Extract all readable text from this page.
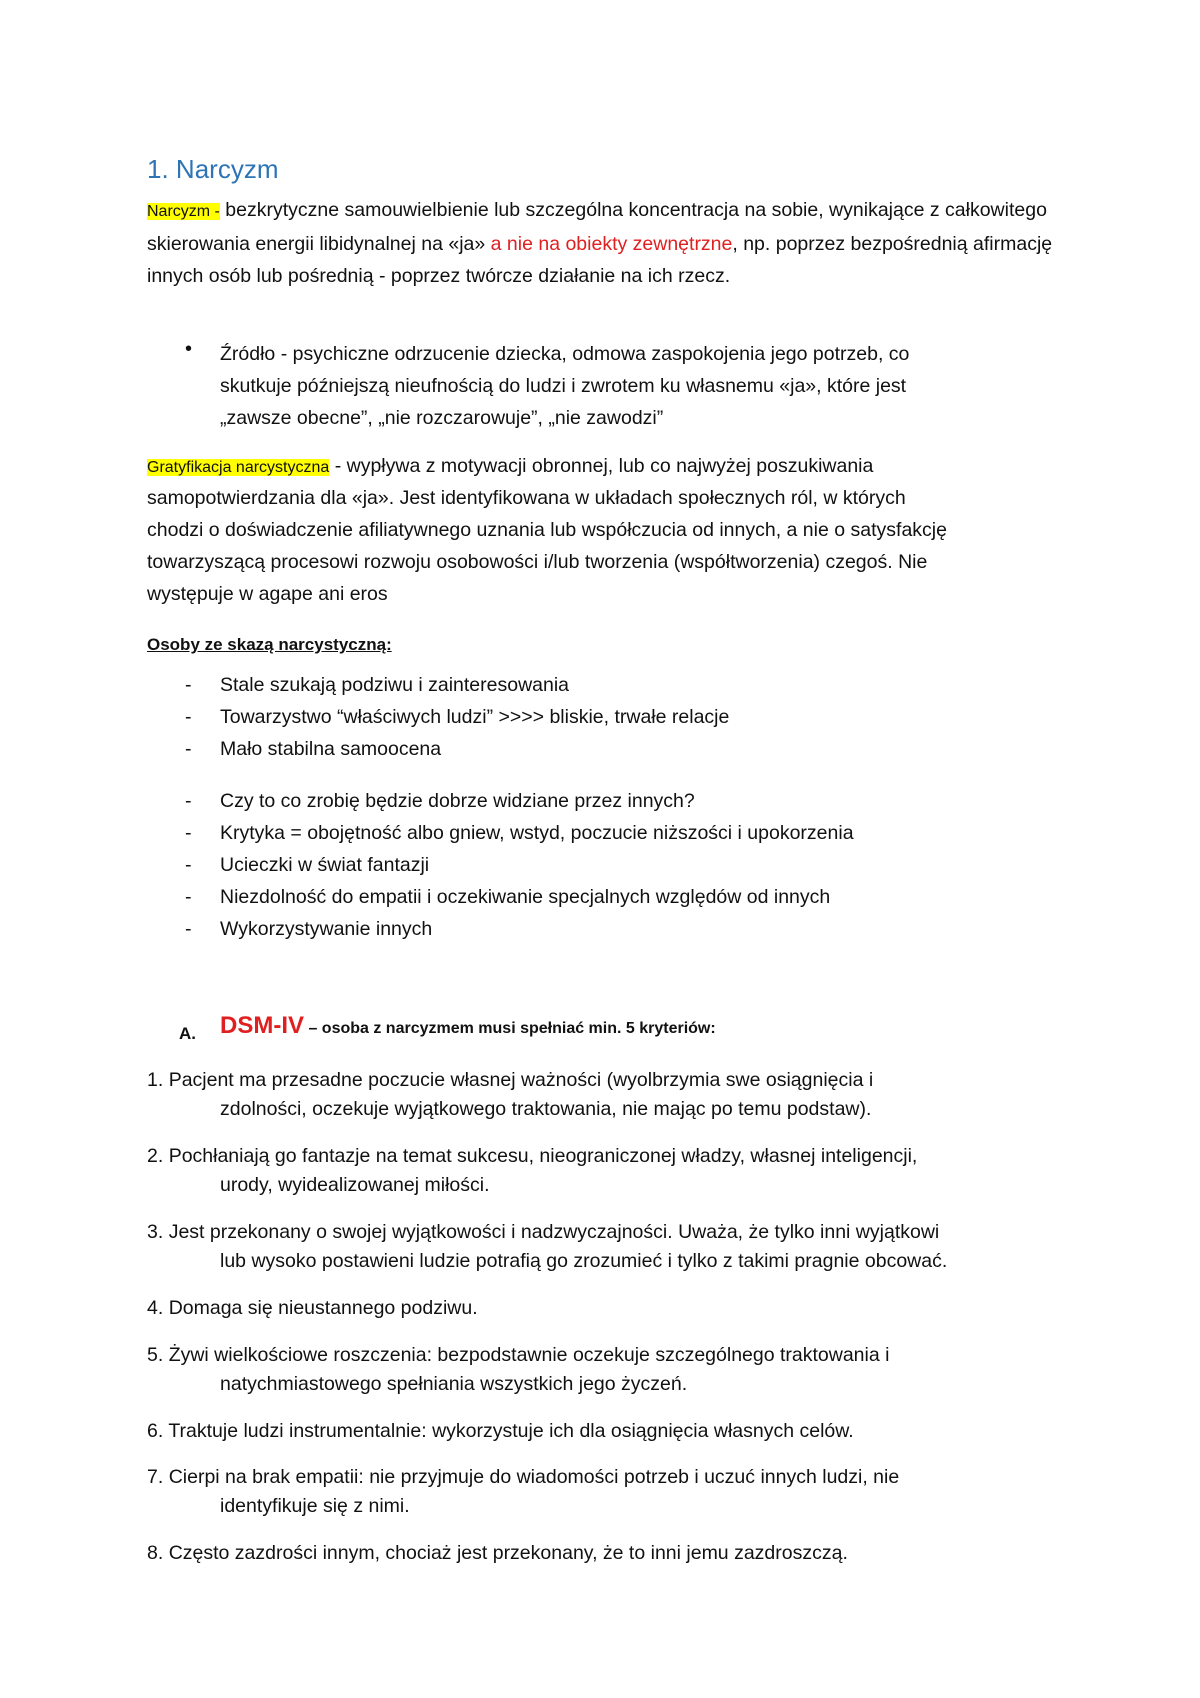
1. Narcyzm
Narcyzm - bezkrytyczne samouwielbienie lub szczególna koncentracja na sobie, wynikające z całkowitego skierowania energii libidynalnej na «ja» a nie na obiekty zewnętrzne, np. poprzez bezpośrednią afirmację innych osób lub pośrednią - poprzez twórcze działanie na ich rzecz.
• Źródło - psychiczne odrzucenie dziecka, odmowa zaspokojenia jego potrzeb, co
skutkuje późniejszą nieufnością do ludzi i zwrotem ku własnemu «ja», które jest
„zawsze obecne”, „nie rozczarowuje”, „nie zawodzi”
Gratyfikacja narcystyczna - wypływa z motywacji obronnej, lub co najwyżej poszukiwania
samopotwierdzania dla «ja». Jest identyfikowana w układach społecznych ról, w których
chodzi o doświadczenie afiliatywnego uznania lub współczucia od innych, a nie o satysfakcję
towarzyszącą procesowi rozwoju osobowości i/lub tworzenia (współtworzenia) czegoś. Nie
występuje w agape ani eros
Osoby ze skazą narcystyczną:
- Stale szukają podziwu i zainteresowania
- Towarzystwo “właściwych ludzi” >>>> bliskie, trwałe relacje
- Mało stabilna samoocena
- Czy to co zrobię będzie dobrze widziane przez innych?
- Krytyka = obojętność albo gniew, wstyd, poczucie niższości i upokorzenia
- Ucieczki w świat fantazji
- Niezdolność do empatii i oczekiwanie specjalnych względów od innych
- Wykorzystywanie innych
A. DSM-IV – osoba z narcyzmem musi spełniać min. 5 kryteriów:
1. Pacjent ma przesadne poczucie własnej ważności (wyolbrzymia swe osiągnięcia i
zdolności, oczekuje wyjątkowego traktowania, nie mając po temu podstaw).
2. Pochłaniają go fantazje na temat sukcesu, nieograniczonej władzy, własnej inteligencji,
urody, wyidealizowanej miłości.
3. Jest przekonany o swojej wyjątkowości i nadzwyczajności. Uważa, że tylko inni wyjątkowi
lub wysoko postawieni ludzie potrafią go zrozumieć i tylko z takimi pragnie obcować.
4. Domaga się nieustannego podziwu.
5. Żywi wielkościowe roszczenia: bezpodstawnie oczekuje szczególnego traktowania i
natychmiastowego spełniania wszystkich jego życzeń.
6. Traktuje ludzi instrumentalnie: wykorzystuje ich dla osiągnięcia własnych celów.
7. Cierpi na brak empatii: nie przyjmuje do wiadomości potrzeb i uczuć innych ludzi, nie
identyfikuje się z nimi.
8. Często zazdrości innym, chociaż jest przekonany, że to inni jemu zazdroszczą.
